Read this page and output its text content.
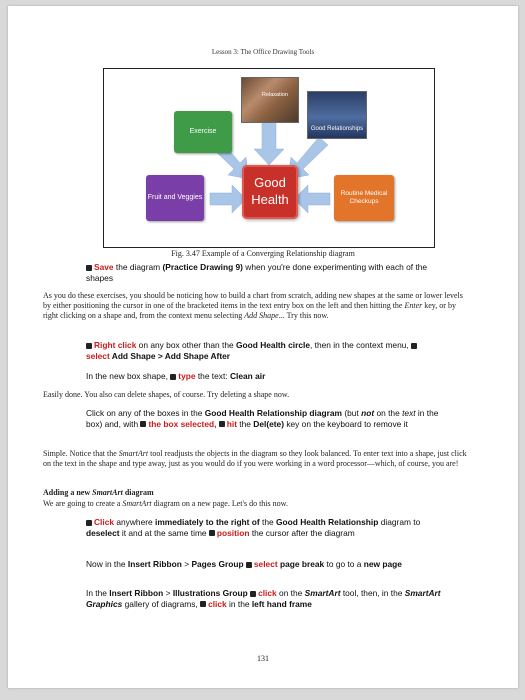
Lesson 3: The Office Drawing Tools
Relaxation
Good Relationships
Exercise
Fruit and Veggies
Good Health	Routine Medical Checkups
Fig. 3.47 Example of a Converging Relationship diagram
Save the diagram (Practice Drawing 9) when you're done experimenting with each of the shapes
As you do these exercises, you should be noticing how to build a chart from scratch, adding new shapes at the same or lower levels by either positioning the cursor in one of the bracketed items in the text entry box on the left and then hitting the Enter key, or by right clicking on a shape and, from the context menu selecting Add Shape... Try this now.
Right click on any box other than the Good Health circle, then in the context menu, select Add Shape > Add Shape After
In the new box shape, type the text: Clean air
Easily done. You also can delete shapes, of course. Try deleting a shape now.
Click on any of the boxes in the Good Health Relationship diagram (but not on the text in the box) and, with the box selected, hit the Del(ete) key on the keyboard to remove it
Simple. Notice that the SmartArt tool readjusts the objects in the diagram so they look balanced. To enter text into a shape, just click on the text in the shape and type away, just as you would do if you were working in a word processor—which, of course, you are!
Adding a new SmartArt diagram
We are going to create a SmartArt diagram on a new page. Let's do this now.
Click anywhere immediately to the right of the Good Health Relationship diagram to deselect it and at the same time position the cursor after the diagram
Now in the Insert Ribbon > Pages Group select page break to go to a new page
In the Insert Ribbon > Illustrations Group click on the SmartArt tool, then, in the SmartArt Graphics gallery of diagrams, click in the left hand frame
131
